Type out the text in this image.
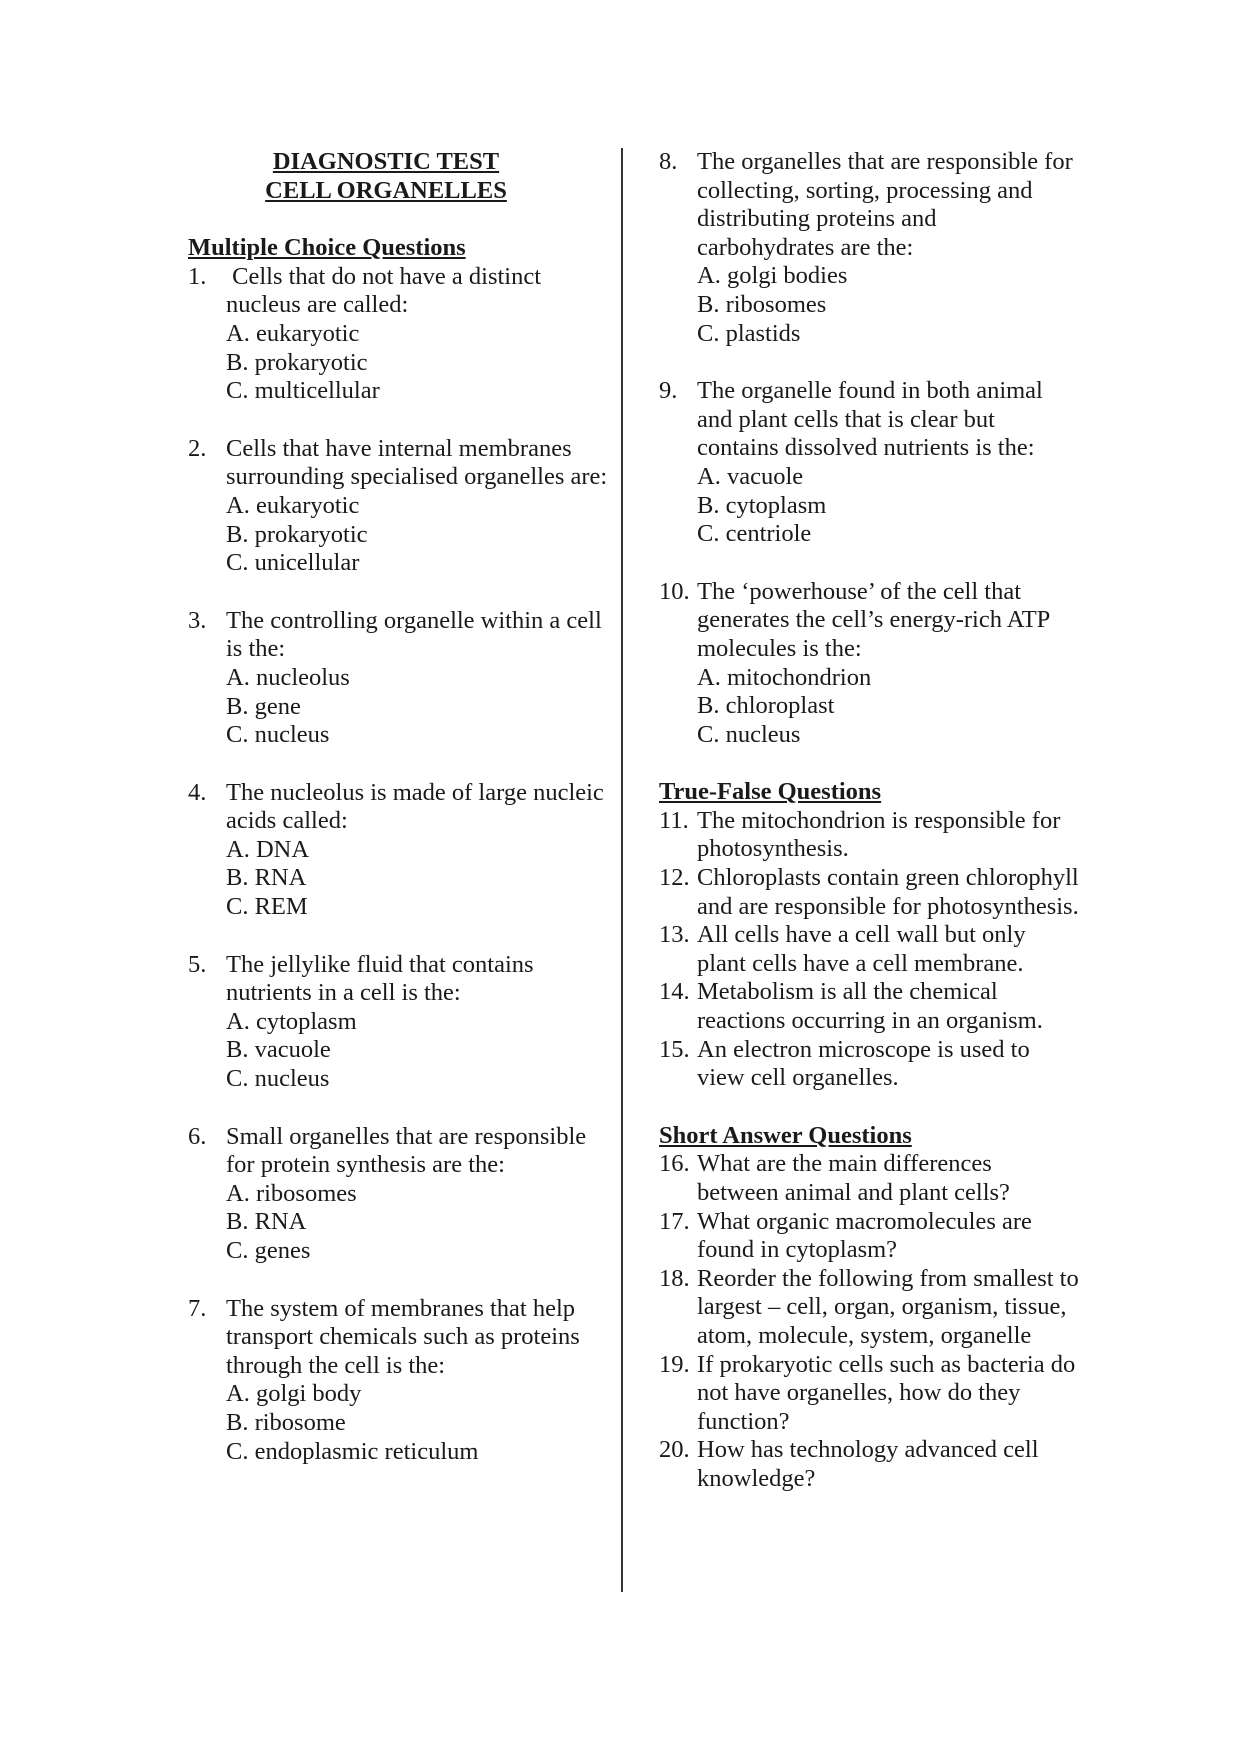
DIAGNOSTIC TEST
CELL ORGANELLES
Multiple Choice Questions
1. Cells that do not have a distinct nucleus are called:
A. eukaryotic
B. prokaryotic
C. multicellular
2. Cells that have internal membranes surrounding specialised organelles are:
A. eukaryotic
B. prokaryotic
C. unicellular
3. The controlling organelle within a cell is the:
A. nucleolus
B. gene
C. nucleus
4. The nucleolus is made of large nucleic acids called:
A. DNA
B. RNA
C. REM
5. The jellylike fluid that contains nutrients in a cell is the:
A. cytoplasm
B. vacuole
C. nucleus
6. Small organelles that are responsible for protein synthesis are the:
A. ribosomes
B. RNA
C. genes
7. The system of membranes that help transport chemicals such as proteins through the cell is the:
A. golgi body
B. ribosome
C. endoplasmic reticulum
8. The organelles that are responsible for collecting, sorting, processing and distributing proteins and carbohydrates are the:
A. golgi bodies
B. ribosomes
C. plastids
9. The organelle found in both animal and plant cells that is clear but contains dissolved nutrients is the:
A. vacuole
B. cytoplasm
C. centriole
10. The ‘powerhouse’ of the cell that generates the cell’s energy-rich ATP molecules is the:
A. mitochondrion
B. chloroplast
C. nucleus
True-False Questions
11. The mitochondrion is responsible for photosynthesis.
12. Chloroplasts contain green chlorophyll and are responsible for photosynthesis.
13. All cells have a cell wall but only plant cells have a cell membrane.
14. Metabolism is all the chemical reactions occurring in an organism.
15. An electron microscope is used to view cell organelles.
Short Answer Questions
16. What are the main differences between animal and plant cells?
17. What organic macromolecules are found in cytoplasm?
18. Reorder the following from smallest to largest – cell, organ, organism, tissue, atom, molecule, system, organelle
19. If prokaryotic cells such as bacteria do not have organelles, how do they function?
20. How has technology advanced cell knowledge?
